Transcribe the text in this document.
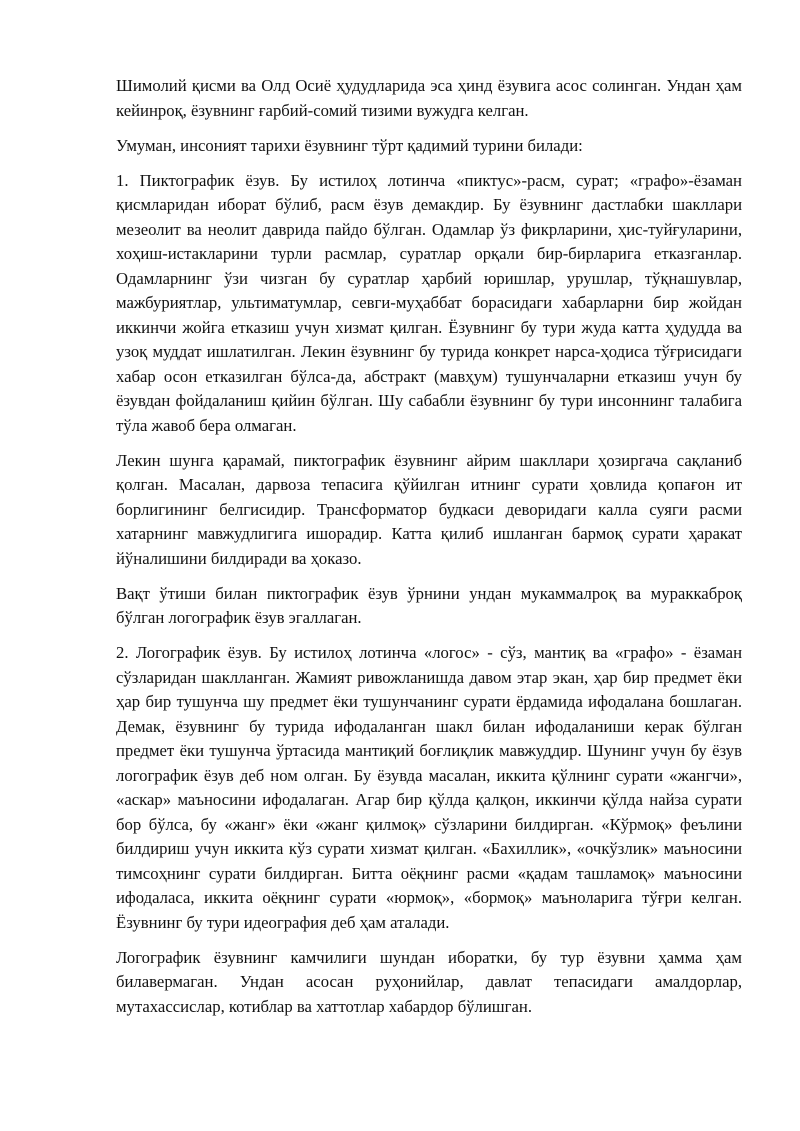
Шимолий қисми ва Олд Осиё ҳудудларида эса ҳинд ёзувига асос солинган. Ундан ҳам кейинроқ, ёзувнинг ғарбий-сомий тизими вужудга келган.

Умуман, инсоният тарихи ёзувнинг тўрт қадимий турини билади:

1. Пиктографик ёзув. Бу истилоҳ лотинча «пиктус»-расм, сурат; «графо»-ёзаман қисмларидан иборат бўлиб, расм ёзув демакдир. Бу ёзувнинг дастлабки шакллари мезеолит ва неолит даврида пайдо бўлган. Одамлар ўз фикрларини, ҳис-туйғуларини, хоҳиш-истакларини турли расмлар, суратлар орқали бир-бирларига етказганлар. Одамларнинг ўзи чизган бу суратлар ҳарбий юришлар, урушлар, тўқнашувлар, мажбуриятлар, ультиматумлар, севги-муҳаббат борасидаги хабарларни бир жойдан иккинчи жойга етказиш учун хизмат қилган. Ёзувнинг бу тури жуда катта ҳудудда ва узоқ муддат ишлатилган. Лекин ёзувнинг бу турида конкрет нарса-ҳодиса тўғрисидаги хабар осон етказилган бўлса-да, абстракт (мавҳум) тушунчаларни етказиш учун бу ёзувдан фойдаланиш қийин бўлган. Шу сабабли ёзувнинг бу тури инсоннинг талабига тўла жавоб бера олмаган.

Лекин шунга қарамай, пиктографик ёзувнинг айрим шакллари ҳозиргача сақланиб қолган. Масалан, дарвоза тепасига қўйилган итнинг сурати ҳовлида қопағон ит борлигининг белгисидир. Трансформатор будкаси деворидаги калла суяги расми хатарнинг мавжудлигига ишорадир. Катта қилиб ишланган бармоқ сурати ҳаракат йўналишини билдиради ва ҳоказо.

Вақт ўтиши билан пиктографик ёзув ўрнини ундан мукаммалроқ ва мураккаброқ бўлган логографик ёзув эгаллаган.

2. Логографик ёзув. Бу истилоҳ лотинча «логос» - сўз, мантиқ ва «графо» - ёзаман сўзларидан шаклланган. Жамият ривожланишда давом этар экан, ҳар бир предмет ёки ҳар бир тушунча шу предмет ёки тушунчанинг сурати ёрдамида ифодалана бошлаган. Демак, ёзувнинг бу турида ифодаланган шакл билан ифодаланиши керак бўлган предмет ёки тушунча ўртасида мантиқий боғлиқлик мавжуддир. Шунинг учун бу ёзув логографик ёзув деб ном олган. Бу ёзувда масалан, иккита қўлнинг сурати «жангчи», «аскар» маъносини ифодалаган. Агар бир қўлда қалқон, иккинчи қўлда найза сурати бор бўлса, бу «жанг» ёки «жанг қилмоқ» сўзларини билдирган. «Кўрмоқ» феълини билдириш учун иккита кўз сурати хизмат қилган. «Бахиллик», «очкўзлик» маъносини тимсоҳнинг сурати билдирган. Битта оёқнинг расми «қадам ташламоқ» маъносини ифодаласа, иккита оёқнинг сурати «юрмоқ», «бормоқ» маъноларига тўғри келган. Ёзувнинг бу тури идеография деб ҳам аталади.

Логографик ёзувнинг камчилиги шундан иборатки, бу тур ёзувни ҳамма ҳам билавермаган. Ундан асосан руҳонийлар, давлат тепасидаги амалдорлар, мутахассислар, котиблар ва хаттотлар хабардор бўлишган.
